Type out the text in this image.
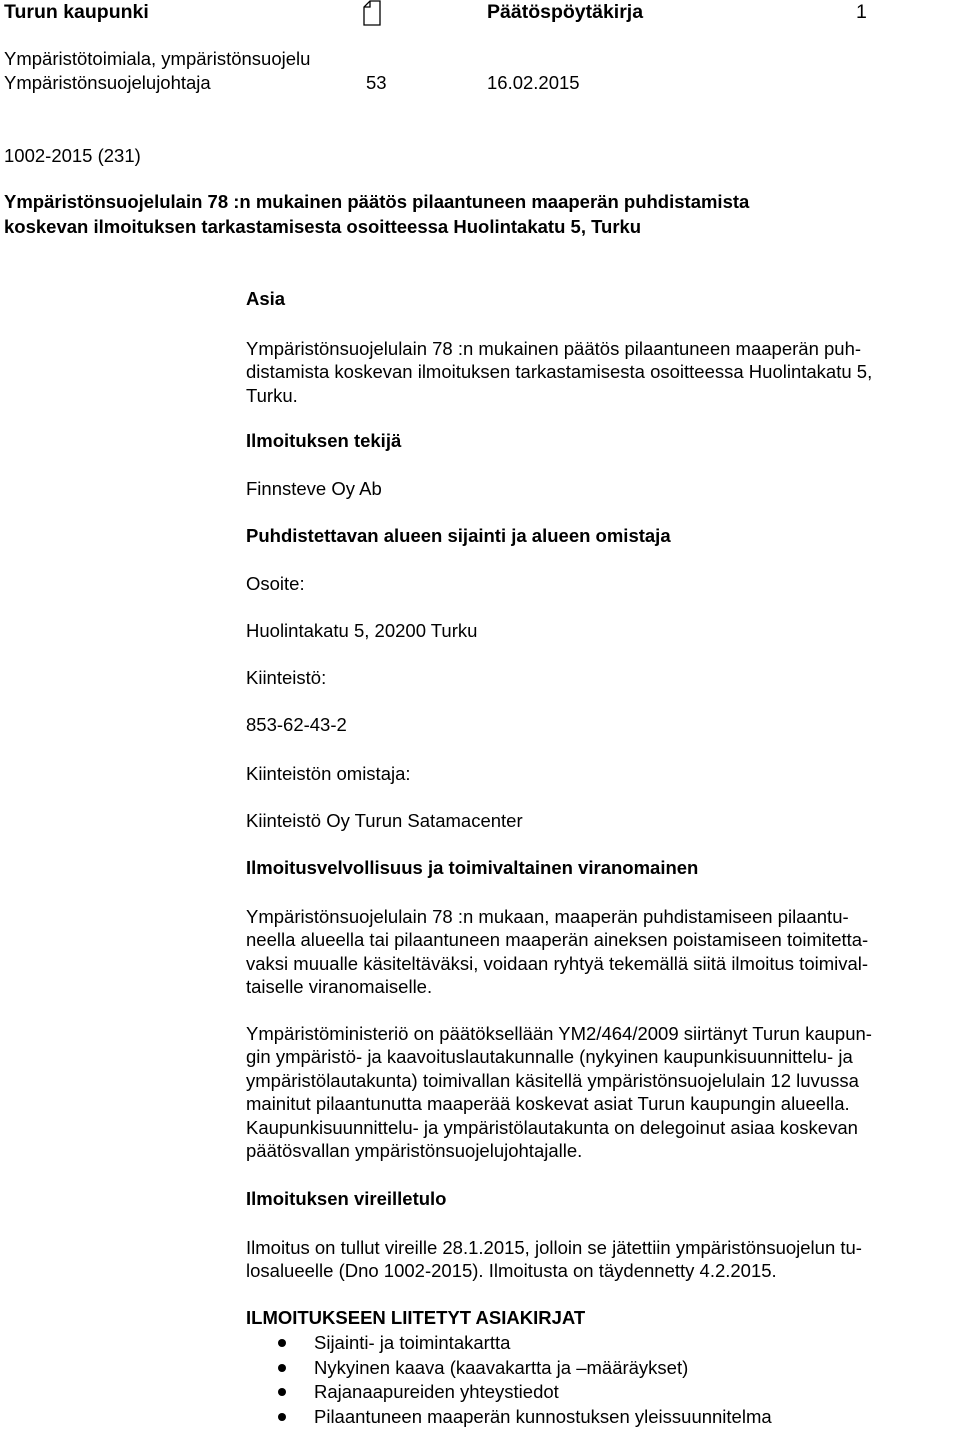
Turun kaupunki	Päätöspöytäkirja	1
Ympäristötoimiala, ympäristönsuojelu
Ympäristönsuojelujohtaja	53	16.02.2015
1002-2015 (231)
Ympäristönsuojelulain 78 :n mukainen päätös pilaantuneen maaperän puhdistamista
koskevan ilmoituksen tarkastamisesta osoitteessa Huolintakatu 5, Turku
Asia
Ympäristönsuojelulain 78 :n mukainen päätös pilaantuneen maaperän puh-
distamista koskevan ilmoituksen tarkastamisesta osoitteessa Huolintakatu 5,
Turku.
Ilmoituksen tekijä
Finnsteve Oy Ab
Puhdistettavan alueen sijainti ja alueen omistaja
Osoite:
Huolintakatu 5, 20200 Turku
Kiinteistö:
853-62-43-2
Kiinteistön omistaja:
Kiinteistö Oy Turun Satamacenter
Ilmoitusvelvollisuus ja toimivaltainen viranomainen
Ympäristönsuojelulain 78 :n mukaan, maaperän puhdistamiseen pilaantu-
neella alueella tai pilaantuneen maaperän aineksen poistamiseen toimitetta-
vaksi muualle käsiteltäväksi, voidaan ryhtyä tekemällä siitä ilmoitus toimival-
taiselle viranomaiselle.
Ympäristöministeriö on päätöksellään YM2/464/2009 siirtänyt Turun kaupun-
gin ympäristö- ja kaavoituslautakunnalle (nykyinen kaupunkisuunnittelu- ja
ympäristölautakunta) toimivallan käsitellä ympäristönsuojelulain 12 luvussa
mainitut pilaantunutta maaperää koskevat asiat Turun kaupungin alueella.
Kaupunkisuunnittelu- ja ympäristölautakunta on delegoinut asiaa koskevan
päätösvallan ympäristönsuojelujohtajalle.
Ilmoituksen vireilletulo
Ilmoitus on tullut vireille 28.1.2015, jolloin se jätettiin ympäristönsuojelun tu-
losalueelle (Dno 1002-2015). Ilmoitusta on täydennetty 4.2.2015.
ILMOITUKSEEN LIITETYT ASIAKIRJAT
Sijainti- ja toimintakartta
Nykyinen kaava (kaavakartta ja –määräykset)
Rajanaapureiden yhteystiedot
Pilaantuneen maaperän kunnostuksen yleissuunnitelma
